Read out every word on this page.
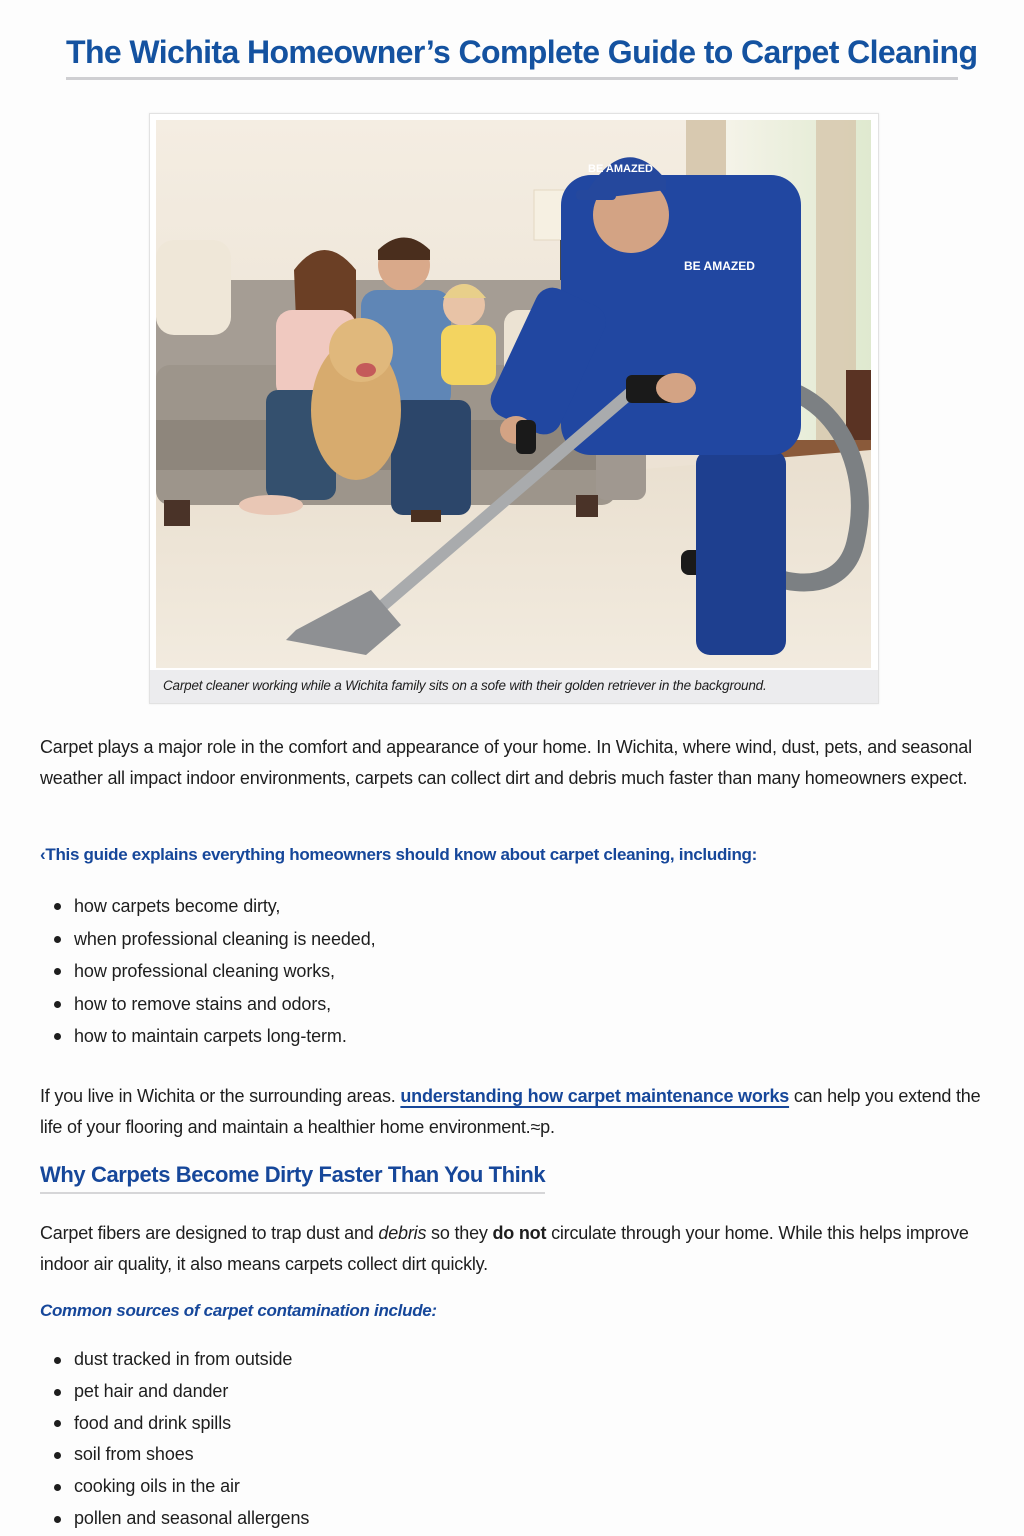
The Wichita Homeowner’s Complete Guide to Carpet Cleaning
BE AMAZED
BE AMAZED
Carpet cleaner working while a Wichita family sits on a sofe with their golden retriever in the background.

Carpet plays a major role in the comfort and appearance of your home. In Wichita, where wind, dust, pets, and seasonal weather all impact indoor environments, carpets can collect dirt and debris much faster than many homeowners expect.

‹This guide explains everything homeowners should know about carpet cleaning, including:

how carpets become dirty,
when professional cleaning is needed,
how professional cleaning works,
how to remove stains and odors,
how to maintain carpets long-term.

If you live in Wichita or the surrounding areas. understanding how carpet maintenance works can help you extend the life of your flooring and maintain a healthier home environment.≈p.

Why Carpets Become Dirty Faster Than You Think

Carpet fibers are designed to trap dust and debris so they do not circulate through your home. While this helps improve indoor air quality, it also means carpets collect dirt quickly.

Common sources of carpet contamination include:

dust tracked in from outside
pet hair and dander
food and drink spills
soil from shoes
cooking oils in the air
pollen and seasonal allergens
